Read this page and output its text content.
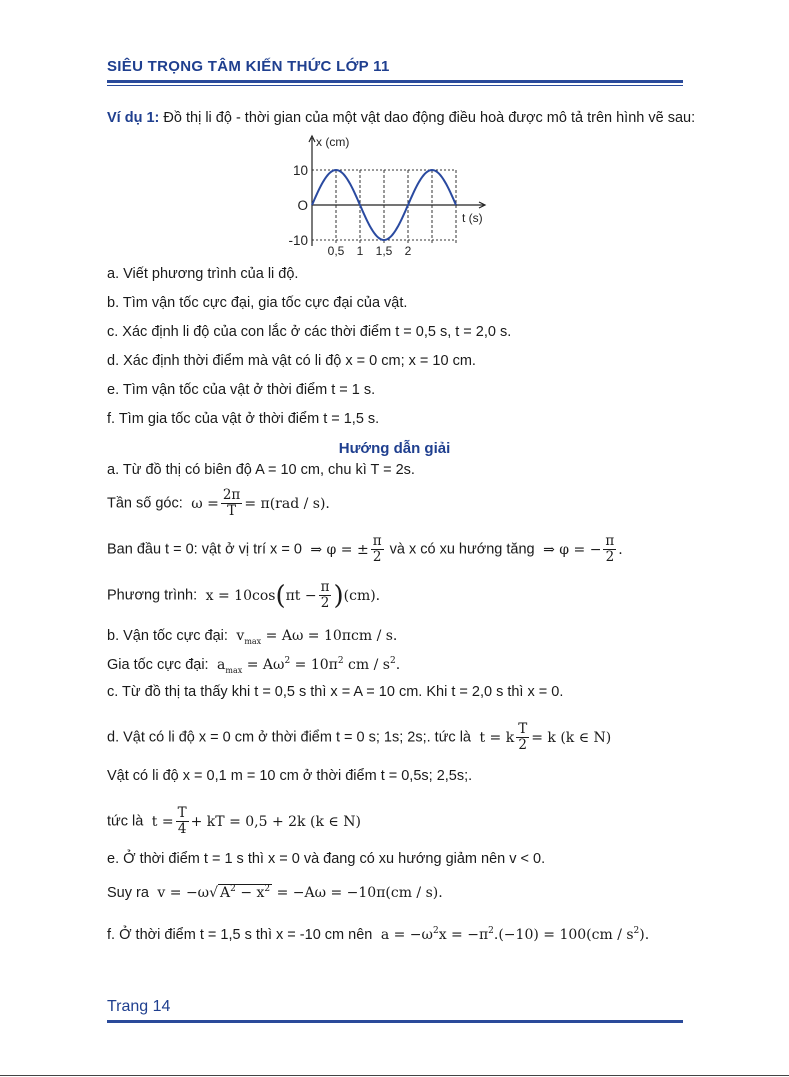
SIÊU TRỌNG TÂM KIẾN THỨC LỚP 11
Ví dụ 1: Đồ thị li độ - thời gian của một vật dao động điều hoà được mô tả trên hình vẽ sau:
x (cm)
t (s)
10
O
-10
0,5 1 1,5 2
a. Viết phương trình của li độ.
b. Tìm vận tốc cực đại, gia tốc cực đại của vật.
c. Xác định li độ của con lắc ở các thời điểm t = 0,5 s, t = 2,0 s.
d. Xác định thời điểm mà vật có li độ x = 0 cm; x = 10 cm.
e. Tìm vận tốc của vật ở thời điểm t = 1 s.
f. Tìm gia tốc của vật ở thời điểm t = 1,5 s.
Hướng dẫn giải
a. Từ đồ thị có biên độ A = 10 cm, chu kì T = 2s.
Tần số góc:  $\omega = \frac{2\pi}{T} = \pi(rad / s)$.
Ban đầu t = 0: vật ở vị trí x = 0  ⇒ φ = ± $\frac{\pi}{2}$ và x có xu hướng tăng  ⇒ φ = − $\frac{\pi}{2}$ .
Phương trình:  $x = 10\cos(\pi t - \frac{\pi}{2} )(cm)$.
b. Vận tốc cực đại:  $v_{max} = A\omega = 10\pi cm / s$.
Gia tốc cực đại:  $a_{max} = A\omega^2 = 10\pi^2$ cm / $s^2$.
c. Từ đồ thị ta thấy khi t = 0,5 s thì x = A = 10 cm. Khi t = 2,0 s thì x = 0.
d. Vật có li độ x = 0 cm ở thời điểm t = 0 s; 1s; 2s;. tức là  t = k $\frac{T}{2} = k$ (k ∈ N)
Vật có li độ x = 0,1 m = 10 cm ở thời điểm t = 0,5s; 2,5s;.
tức là  $t = \frac{T}{4}$ + kT = 0,5 + 2k (k ∈ N)
e. Ở thời điểm t = 1 s thì x = 0 và đang có xu hướng giảm nên v < 0.
Suy ra  v = −ω√ $A^2 - x^2 = -A\omega = -10\pi(cm / s)$.
f. Ở thời điểm t = 1,5 s thì x = -10 cm nên  $a = -\omega^2x = -\pi^2.(-10) = 100(cm / s^2)$.
Trang 14
